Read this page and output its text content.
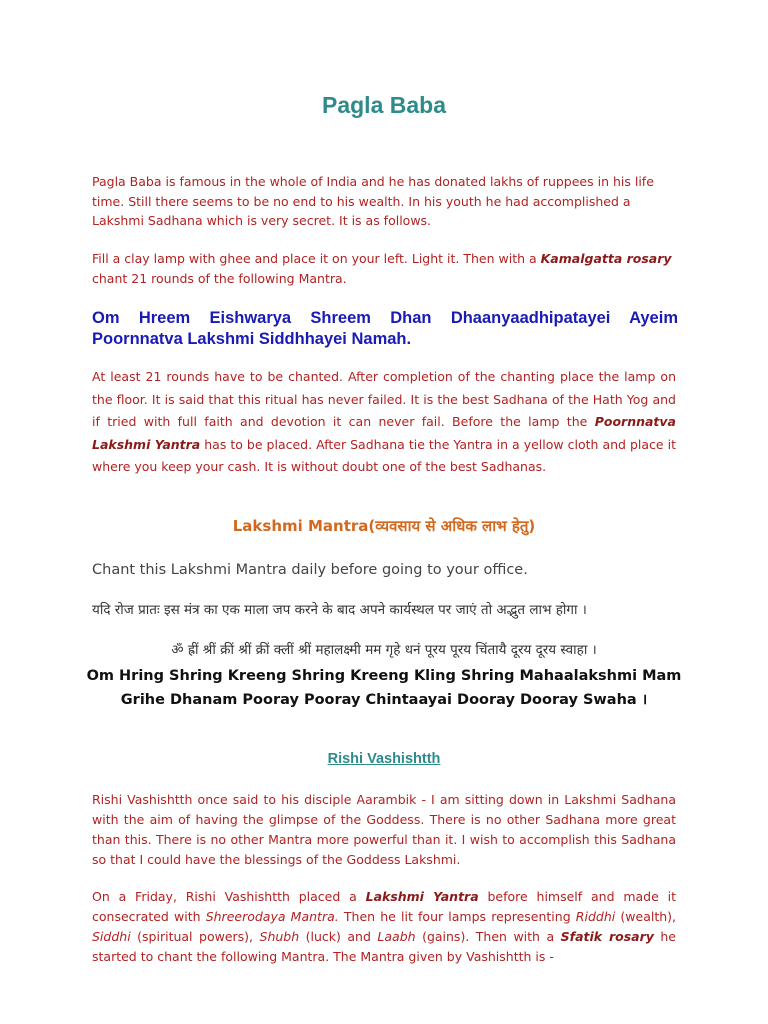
Pagla Baba

Pagla Baba is famous in the whole of India and he has donated lakhs of ruppees in his life time. Still there seems to be no end to his wealth. In his youth he had accomplished a Lakshmi Sadhana which is very secret. It is as follows.

Fill a clay lamp with ghee and place it on your left. Light it. Then with a Kamalgatta rosary chant 21 rounds of the following Mantra.

Om Hreem Eishwarya Shreem Dhan Dhaanyaadhipatayei Ayeim Poornnatva Lakshmi Siddhhayei Namah.

At least 21 rounds have to be chanted. After completion of the chanting place the lamp on the floor. It is said that this ritual has never failed. It is the best Sadhana of the Hath Yog and if tried with full faith and devotion it can never fail. Before the lamp the Poornnatva Lakshmi Yantra has to be placed. After Sadhana tie the Yantra in a yellow cloth and place it where you keep your cash. It is without doubt one of the best Sadhanas.

Lakshmi Mantra(व्यवसाय से अधिक लाभ हेतु)
Chant this Lakshmi Mantra daily before going to your office.
यदि रोज प्रातः इस मंत्र का एक माला जप करने के बाद अपने कार्यस्थल पर जाएं तो अद्भुत लाभ होगा ।
ॐ ह्रीं श्रीं क्रीं श्रीं क्रीं क्लीं श्रीं महालक्ष्मी मम गृहे धनं पूरय पूरय चिंतायै दूरय दूरय स्वाहा ।
Om Hring Shring Kreeng Shring Kreeng Kling Shring Mahaalakshmi Mam
Grihe Dhanam Pooray Pooray Chintaayai Dooray Dooray Swaha ।
Rishi Vashishtth

Rishi Vashishtth once said to his disciple Aarambik - I am sitting down in Lakshmi Sadhana with the aim of having the glimpse of the Goddess. There is no other Sadhana more great than this. There is no other Mantra more powerful than it. I wish to accomplish this Sadhana so that I could have the blessings of the Goddess Lakshmi.

On a Friday, Rishi Vashishtth placed a Lakshmi Yantra before himself and made it consecrated with Shreerodaya Mantra. Then he lit four lamps representing Riddhi (wealth), Siddhi (spiritual powers), Shubh (luck) and Laabh (gains). Then with a Sfatik rosary he started to chant the following Mantra. The Mantra given by Vashishtth is -
